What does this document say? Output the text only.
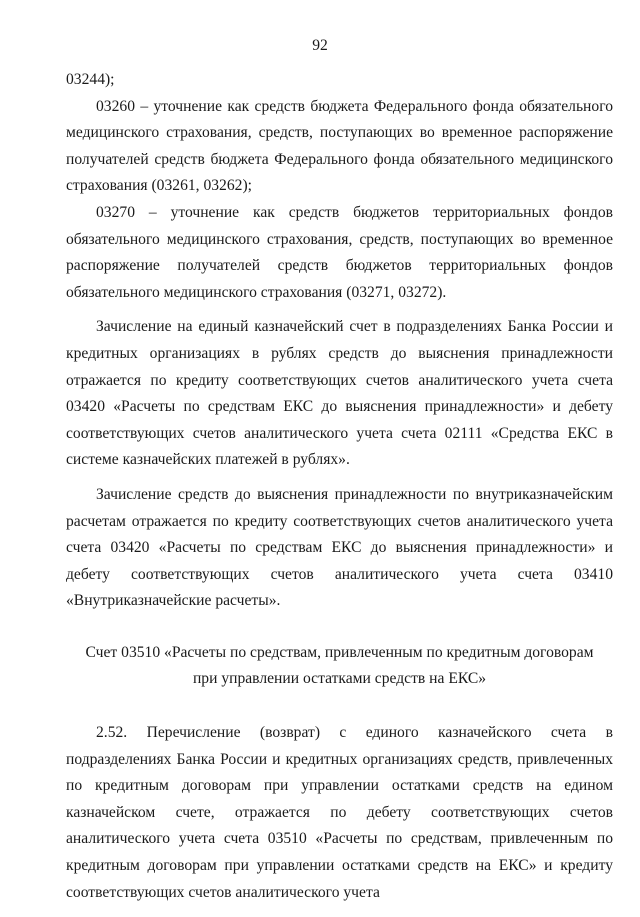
92

03244);

03260 – уточнение как средств бюджета Федерального фонда обязательного медицинского страхования, средств, поступающих во временное распоряжение получателей средств бюджета Федерального фонда обязательного медицинского страхования (03261, 03262);

03270 – уточнение как средств бюджетов территориальных фондов обязательного медицинского страхования, средств, поступающих во временное распоряжение получателей средств бюджетов территориальных фондов обязательного медицинского страхования (03271, 03272).

Зачисление на единый казначейский счет в подразделениях Банка России и кредитных организациях в рублях средств до выяснения принадлежности отражается по кредиту соответствующих счетов аналитического учета счета 03420 «Расчеты по средствам ЕКС до выяснения принадлежности» и дебету соответствующих счетов аналитического учета счета 02111 «Средства ЕКС в системе казначейских платежей в рублях».

Зачисление средств до выяснения принадлежности по внутриказначейским расчетам отражается по кредиту соответствующих счетов аналитического учета счета 03420 «Расчеты по средствам ЕКС до выяснения принадлежности» и дебету соответствующих счетов аналитического учета счета 03410 «Внутриказначейские расчеты».

Счет 03510 «Расчеты по средствам, привлеченным по кредитным договорам при управлении остатками средств на ЕКС»

2.52. Перечисление (возврат) с единого казначейского счета в подразделениях Банка России и кредитных организациях средств, привлеченных по кредитным договорам при управлении остатками средств на едином казначейском счете, отражается по дебету соответствующих счетов аналитического учета счета 03510 «Расчеты по средствам, привлеченным по кредитным договорам при управлении остатками средств на ЕКС» и кредиту соответствующих счетов аналитического учета
